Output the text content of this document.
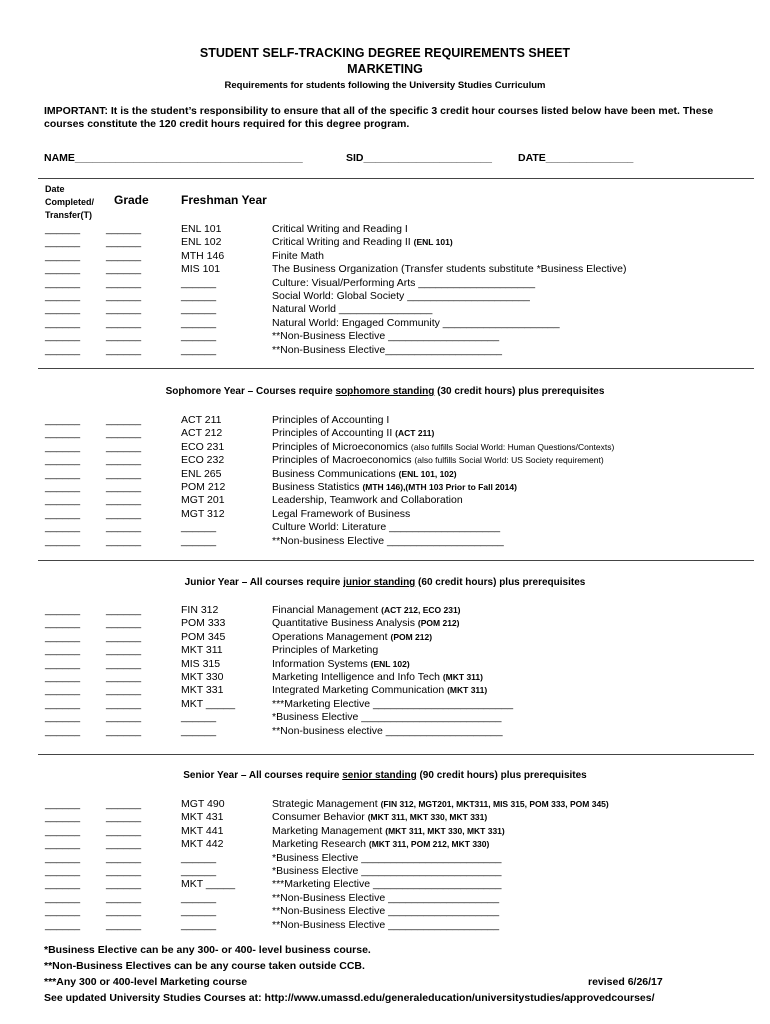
STUDENT SELF-TRACKING DEGREE REQUIREMENTS SHEET
MARKETING
Requirements for students following the University Studies Curriculum
IMPORTANT: It is the student’s responsibility to ensure that all of the specific 3 credit hour courses listed below have been met. These courses constitute the 120 credit hours required for this degree program.
NAME_______________________________________	SID______________________ DATE_______________
Date
Completed/
Transfer(T)
Grade	Freshman Year
______ ______	ENL 101	Critical Writing and Reading I
______ ______	ENL 102	Critical Writing and Reading II (ENL 101)
______ ______	MTH 146	Finite Math
______ ______	MIS 101	The Business Organization (Transfer students substitute *Business Elective)
______ ______	______	Culture: Visual/Performing Arts ____________________
______ ______	______	Social World: Global Society _____________________
______ ______	______	Natural World ________________
______ ______	______	Natural World: Engaged Community ____________________
______ ______	______	**Non-Business Elective ___________________
______ ______	______	**Non-Business Elective____________________
Sophomore Year – Courses require sophomore standing (30 credit hours) plus prerequisites
______ ______	ACT 211	Principles of Accounting I
______ ______	ACT 212	Principles of Accounting II (ACT 211)
______ ______	ECO 231	Principles of Microeconomics (also fulfills Social World: Human Questions/Contexts)
______ ______	ECO 232	Principles of Macroeconomics (also fulfills Social World: US Society requirement)
______ ______	ENL 265	Business Communications (ENL 101, 102)
______ ______	POM 212	Business Statistics (MTH 146),(MTH 103 Prior to Fall 2014)
______ ______	MGT 201	Leadership, Teamwork and Collaboration
______ ______	MGT 312	Legal Framework of Business
______ ______	______	Culture World: Literature ___________________
______ ______	______	**Non-business Elective ____________________
Junior Year – All courses require junior standing (60 credit hours) plus prerequisites
______ ______	FIN 312	Financial Management (ACT 212, ECO 231)
______ ______	POM 333	Quantitative Business Analysis (POM 212)
______ ______	POM 345	Operations Management (POM 212)
______ ______	MKT 311	Principles of Marketing
______ ______	MIS 315	Information Systems (ENL 102)
______ ______	MKT 330	Marketing Intelligence and Info Tech (MKT 311)
______ ______	MKT 331	Integrated Marketing Communication (MKT 311)
______ ______	MKT _____	***Marketing Elective ________________________
______ ______	______	*Business Elective ________________________
______ ______	______	**Non-business elective ____________________
Senior Year – All courses require senior standing (90 credit hours) plus prerequisites
______ ______	MGT 490	Strategic Management (FIN 312, MGT201, MKT311, MIS 315, POM 333, POM 345)
______ ______	MKT 431	Consumer Behavior (MKT 311, MKT 330, MKT 331)
______ ______	MKT 441	Marketing Management (MKT 311, MKT 330, MKT 331)
______ ______	MKT 442	Marketing Research (MKT 311, POM 212, MKT 330)
______ ______	______	*Business Elective ________________________
______ ______	______	*Business Elective ________________________
______ ______	MKT _____	***Marketing Elective ______________________
______ ______	______	**Non-Business Elective ___________________
______ ______	______	**Non-Business Elective ___________________
______ ______	______	**Non-Business Elective ___________________
*Business Elective can be any 300- or 400- level business course.
**Non-Business Electives can be any course taken outside CCB.
***Any 300 or 400-level Marketing course	revised 6/26/17
See updated University Studies Courses at: http://www.umassd.edu/generaleducation/universitystudies/approvedcourses/
